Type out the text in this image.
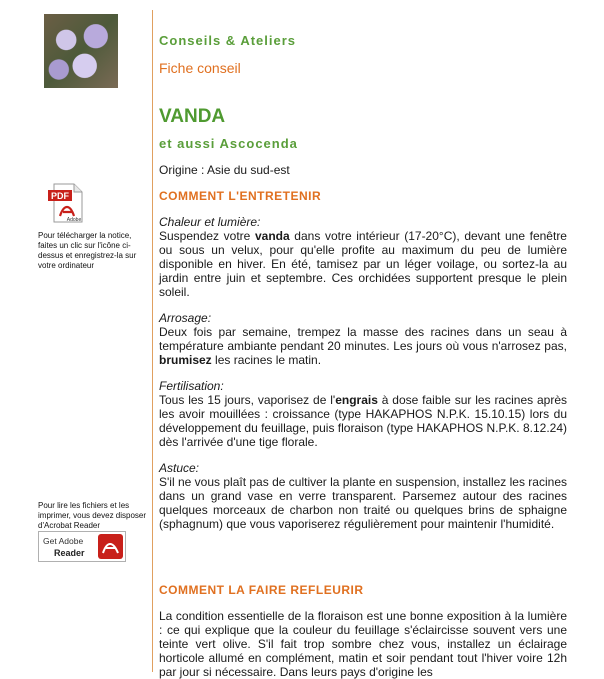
PDF
Adobe
Pour télécharger la notice, faites un clic sur l'icône ci-dessus et enregistrez-la sur votre ordinateur
Pour lire les fichiers et les imprimer, vous devez disposer d'Acrobat Reader
Get Adobe
Reader
Conseils & Ateliers
Fiche conseil
VANDA
et aussi Ascocenda
Origine : Asie du sud-est
COMMENT L'ENTRETENIR
Chaleur et lumière:
Suspendez votre vanda dans votre intérieur (17-20°C), devant une fenêtre ou sous un velux, pour qu'elle profite au maximum du peu de lumière disponible en hiver. En été, tamisez par un léger voilage, ou sortez-la au jardin entre juin et septembre. Ces orchidées supportent presque le plein soleil.
Arrosage:
Deux fois par semaine, trempez la masse des racines dans un seau à température ambiante pendant 20 minutes. Les jours où vous n'arrosez pas, brumisez les racines le matin.
Fertilisation:
Tous les 15 jours, vaporisez de l'engrais à dose faible sur les racines après les avoir mouillées : croissance (type HAKAPHOS N.P.K. 15.10.15) lors du développement du feuillage, puis floraison (type HAKAPHOS N.P.K. 8.12.24) dès l'arrivée d'une tige florale.
Astuce:
S'il ne vous plaît pas de cultiver la plante en suspension, installez les racines dans un grand vase en verre transparent. Parsemez autour des racines quelques morceaux de charbon non traité ou quelques brins de sphaigne (sphagnum) que vous vaporiserez régulièrement pour maintenir l'humidité.
COMMENT LA FAIRE REFLEURIR
La condition essentielle de la floraison est une bonne exposition à la lumière : ce qui explique que la couleur du feuillage s'éclaircisse souvent vers une teinte vert olive. S'il fait trop sombre chez vous, installez un éclairage horticole allumé en complément, matin et soir pendant tout l'hiver voire 12h par jour si nécessaire. Dans leurs pays d'origine les
